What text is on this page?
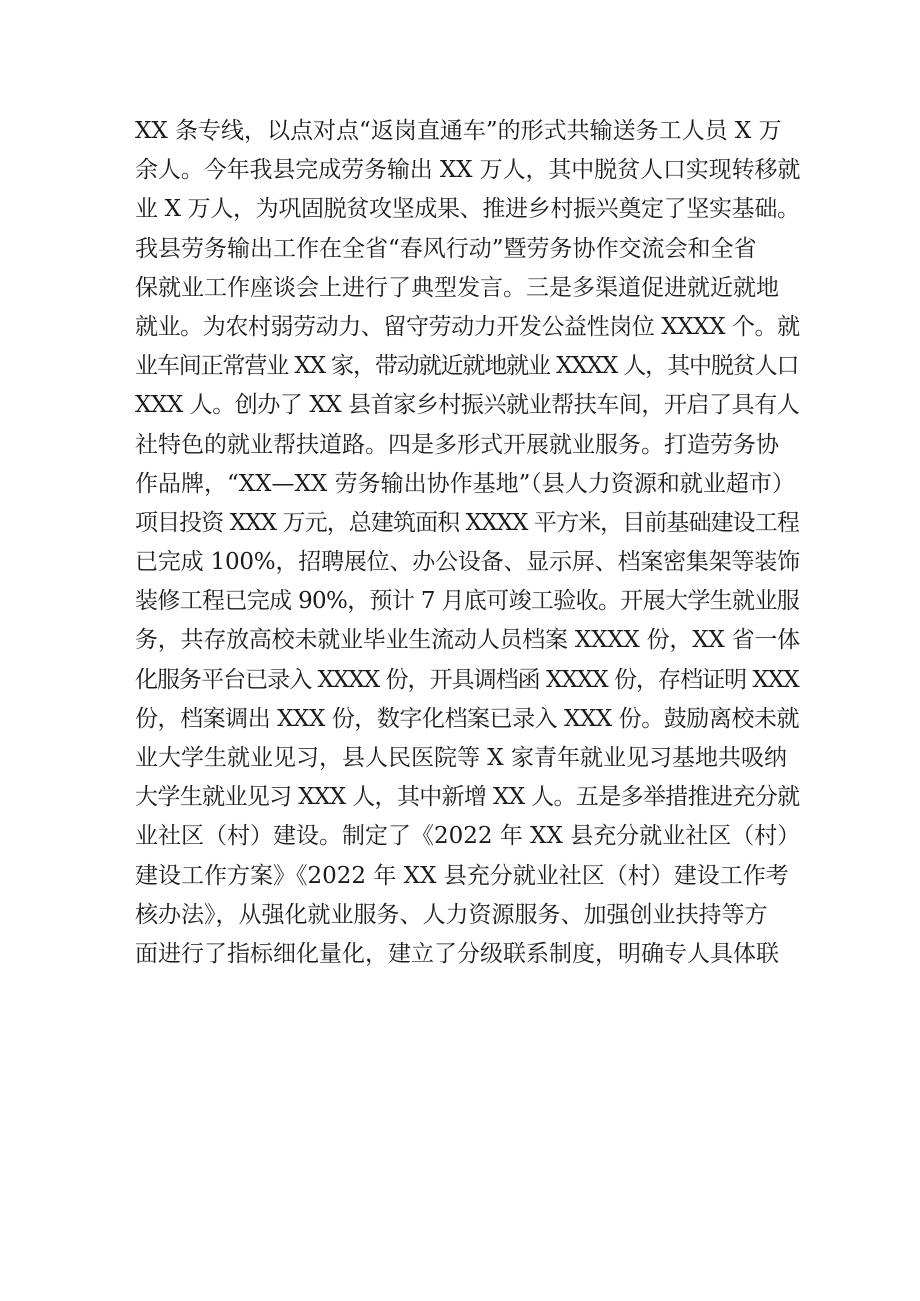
XX 条专线，以点对点“返岗直通车”的形式共输送务工人员 X 万
余人。今年我县完成劳务输出 XX 万人，其中脱贫人口实现转移就
业 X 万人，为巩固脱贫攻坚成果、推进乡村振兴奠定了坚实基础。
我县劳务输出工作在全省“春风行动”暨劳务协作交流会和全省
保就业工作座谈会上进行了典型发言。三是多渠道促进就近就地
就业。为农村弱劳动力、留守劳动力开发公益性岗位 XXXX 个。就
业车间正常营业 XX 家，带动就近就地就业 XXXX 人，其中脱贫人口
XXX 人。创办了 XX 县首家乡村振兴就业帮扶车间，开启了具有人
社特色的就业帮扶道路。四是多形式开展就业服务。打造劳务协
作品牌，“XX—XX 劳务输出协作基地”（县人力资源和就业超市）
项目投资 XXX 万元，总建筑面积 XXXX 平方米，目前基础建设工程
已完成 100%，招聘展位、办公设备、显示屏、档案密集架等装饰
装修工程已完成 90%，预计 7 月底可竣工验收。开展大学生就业服
务，共存放高校未就业毕业生流动人员档案 XXXX 份，XX 省一体
化服务平台已录入 XXXX 份，开具调档函 XXXX 份，存档证明 XXX
份，档案调出 XXX 份，数字化档案已录入 XXX 份。鼓励离校未就
业大学生就业见习，县人民医院等 X 家青年就业见习基地共吸纳
大学生就业见习 XXX 人，其中新增 XX 人。五是多举措推进充分就
业社区（村）建设。制定了《2022 年 XX 县充分就业社区（村）
建设工作方案》《2022 年 XX 县充分就业社区（村）建设工作考
核办法》，从强化就业服务、人力资源服务、加强创业扶持等方
面进行了指标细化量化，建立了分级联系制度，明确专人具体联
